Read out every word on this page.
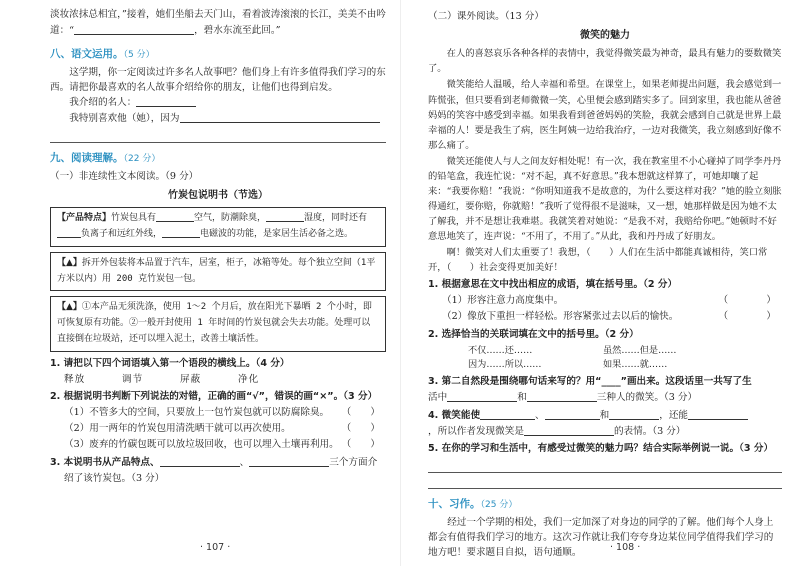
淡妆浓抹总相宜，”接着，她们坐船去天门山，看着波涛滚滚的长江，美美不由吟

道：“	，碧水东流至此回。”

八、语文运用。（5 分）

这学期，你一定阅读过许多名人故事吧？他们身上有许多值得我们学习的东西。请把你最喜欢的名人故事介绍给你的朋友，让他们也得到启发。

我介绍的名人：

我特别喜欢他（她），因为

九、阅读理解。（22 分）

（一）非连续性文本阅读。（9 分）

竹炭包说明书（节选）
【产品特点】竹炭包具有	空气，防潮除臭，	湿度，同时还有负离子和远红外线，	电磁波的功能，是家居生活必备之选。
【▲】拆开外包装将本品置于汽车，居室，柜子，冰箱等处。每个独立空间（1平方米以内）用 200 克竹炭包一包。
【▲】①本产品无须洗涤，使用 1～2 个月后，放在阳光下暴晒 2 个小时，即可恢复原有功能。②一般开封使用 1 年时间的竹炭包就会失去功能。处理可以直接倒在垃圾站，还可以埋入泥土，改善土壤活性。

1. 请把以下四个词语填入第一个语段的横线上。（4 分）

释放	调节	屏蔽	净化

2. 根据说明书判断下列说法的对错，正确的画“√”，错误的画“×”。（3 分）

（1）不管多大的空间，只要放上一包竹炭包就可以防腐除臭。 （　　）

（2）用一两年的竹炭包用清洗晒干就可以再次使用。	（　　）

（3）废弃的竹碳包既可以放垃圾回收，也可以埋入土壤再利用。 （　　）

3. 本说明书从产品特点、	、	三个方面介

绍了该竹炭包。（3 分）

· 107 ·

（二）课外阅读。（13 分）

微笑的魅力

在人的喜怒哀乐各种各样的表情中，我觉得微笑最为神奇，最具有魅力的要数微笑了。

微笑能给人温暖，给人幸福和希望。在课堂上，如果老师提出问题，我会感觉到一阵慌张，但只要看到老师微微一笑，心里便会感到踏实多了。回到家里，我也能从爸爸妈妈的笑容中感受到幸福。如果我看到爸爸妈妈的笑脸，我就会感到自己就是世界上最幸福的人！要是我生了病，医生阿姨一边给我治疗，一边对我微笑，我立刻感到好像不那么痛了。

微笑还能使人与人之间友好相处呢！有一次，我在教室里不小心碰掉了同学李丹丹的铅笔盒，我连忙说：“对不起，真不好意思。”我本想就这样算了，可她却嚷了起来：“我要你赔！”我说：“你明知道我不是故意的，为什么要这样对我？”她的脸立刻胀得通红，要你赔，你就赔！”我听了觉得很不是滋味，又一想，她那样做是因为她不太了解我，并不是想让我难堪。我就笑着对她说：“是我不对，我赔给你吧。”她顿时不好意思地笑了，连声说：“不用了，不用了。”从此，我和丹丹成了好朋友。

啊！微笑对人们太重要了！我想，（　　）人们在生活中都能真诚相待，笑口常开，（　　）社会变得更加美好！

1. 根据意思在文中找出相应的成语，填在括号里。（2 分）

（1）形容注意力高度集中。	（　　　　）

（2）像放下重担一样轻松。形容紧张过去以后的愉快。	（　　　　）

2. 选择恰当的关联词填在文中的括号里。（2 分）

不仅……还……	虽然……但是……
因为……所以……	如果……就……

3. 第二自然段是围绕哪句话来写的？用“____”画出来。这段话里一共写了生

活中	和	三种人的微笑。（3 分）

4. 微笑能使	、	和	，还能

，所以作者发现微笑是	的表情。（3 分）

5. 在你的学习和生活中，有感受过微笑的魅力吗？结合实际举例说一说。（3 分）

十、习作。（25 分）

经过一个学期的相处，我们一定加深了对身边的同学的了解。他们每个人身上都会有值得我们学习的地方。这次习作就让我们夸夸身边某位同学值得我们学习的地方吧！要求题目自拟，语句通顺。	· 108 ·
